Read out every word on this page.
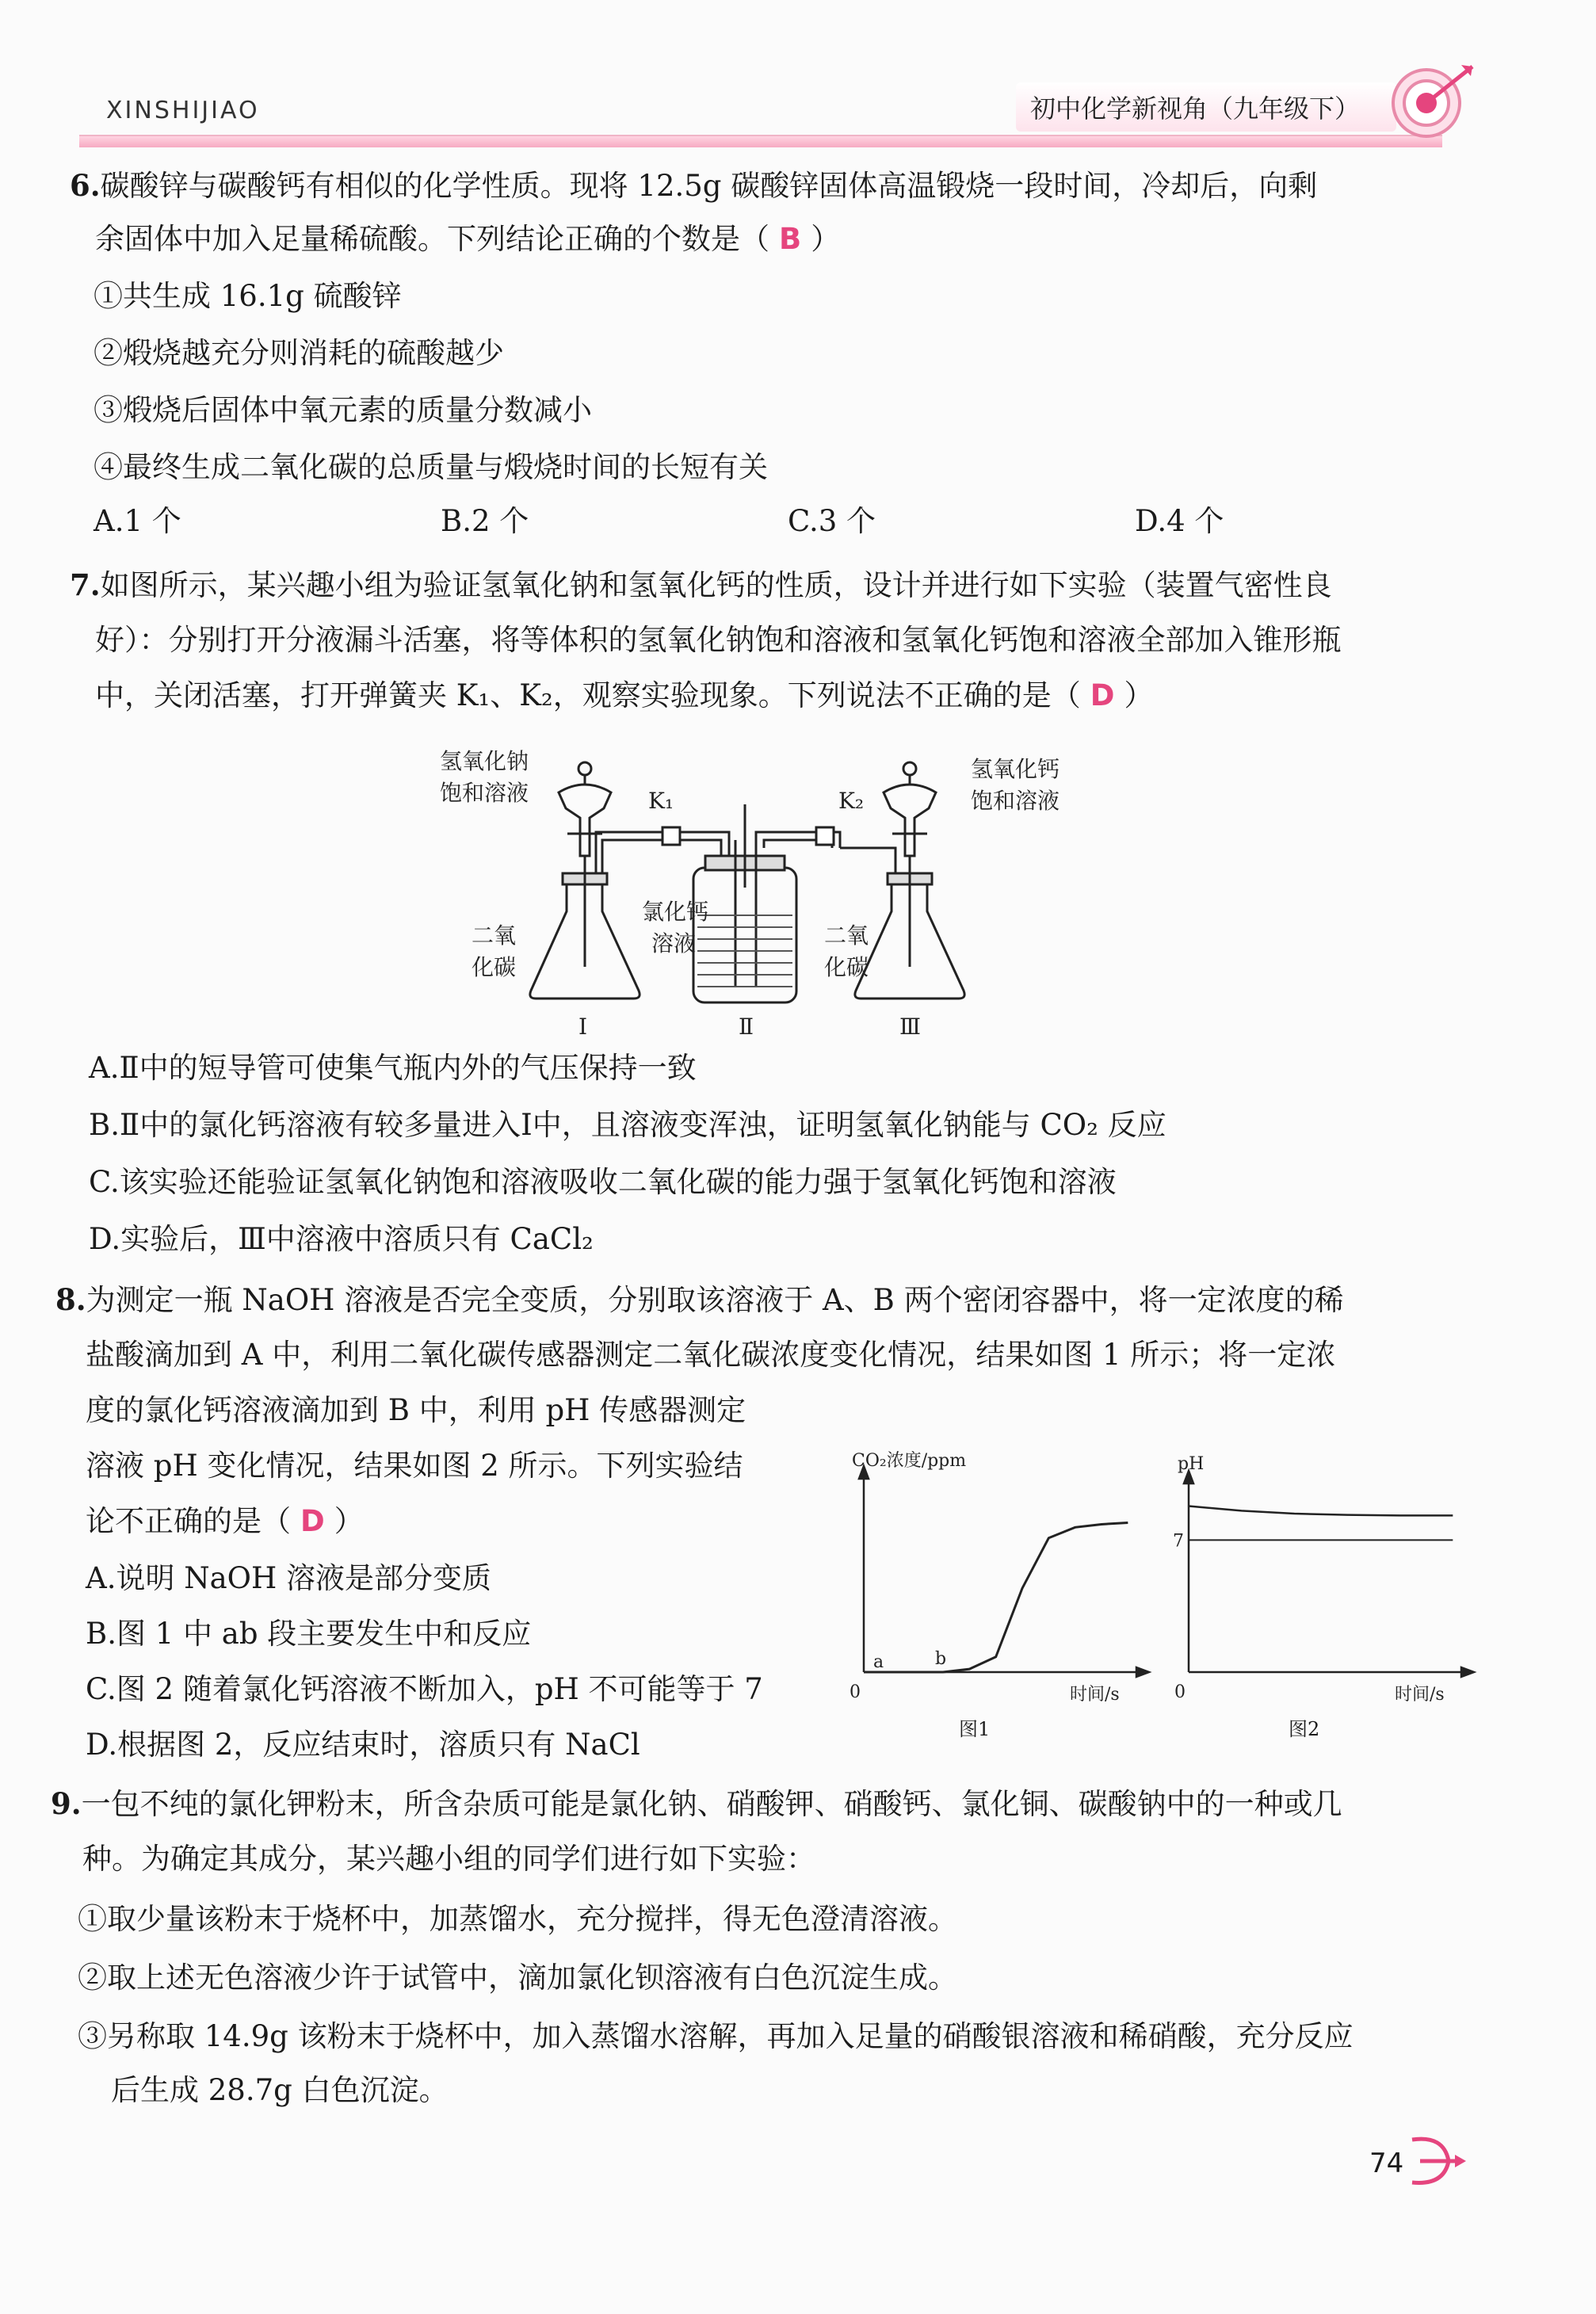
XINSHIJIAO	初中化学新视角（九年级下）
6.碳酸锌与碳酸钙有相似的化学性质。现将 12.5g 碳酸锌固体高温锻烧一段时间，冷却后，向剩
余固体中加入足量稀硫酸。下列结论正确的个数是（ B ）
①共生成 16.1g 硫酸锌
②煅烧越充分则消耗的硫酸越少
③煅烧后固体中氧元素的质量分数减小
④最终生成二氧化碳的总质量与煅烧时间的长短有关
A.1 个	B.2 个	C.3 个	D.4 个
7.如图所示，某兴趣小组为验证氢氧化钠和氢氧化钙的性质，设计并进行如下实验（装置气密性良
好）：分别打开分液漏斗活塞，将等体积的氢氧化钠饱和溶液和氢氧化钙饱和溶液全部加入锥形瓶
中，关闭活塞，打开弹簧夹 K₁、K₂，观察实验现象。下列说法不正确的是（ D ）
氢氧化钠
饱和溶液
氢氧化钙
饱和溶液
K₁	K₂
氯化钙
溶液
二氧
化碳
二氧
化碳
Ⅰ	Ⅱ	Ⅲ
A.Ⅱ中的短导管可使集气瓶内外的气压保持一致
B.Ⅱ中的氯化钙溶液有较多量进入Ⅰ中，且溶液变浑浊，证明氢氧化钠能与 CO₂ 反应
C.该实验还能验证氢氧化钠饱和溶液吸收二氧化碳的能力强于氢氧化钙饱和溶液
D.实验后，Ⅲ中溶液中溶质只有 CaCl₂
8.为测定一瓶 NaOH 溶液是否完全变质，分别取该溶液于 A、B 两个密闭容器中，将一定浓度的稀
盐酸滴加到 A 中，利用二氧化碳传感器测定二氧化碳浓度变化情况，结果如图 1 所示；将一定浓
度的氯化钙溶液滴加到 B 中，利用 pH 传感器测定
溶液 pH 变化情况，结果如图 2 所示。下列实验结
论不正确的是（ D ）
A.说明 NaOH 溶液是部分变质
B.图 1 中 ab 段主要发生中和反应
C.图 2 随着氯化钙溶液不断加入，pH 不可能等于 7
D.根据图 2，反应结束时，溶质只有 NaCl
CO₂浓度/ppm
时间/s
0
a	b
图1
pH
时间/s
0
7
图2
9.一包不纯的氯化钾粉末，所含杂质可能是氯化钠、硝酸钾、硝酸钙、氯化铜、碳酸钠中的一种或几
种。为确定其成分，某兴趣小组的同学们进行如下实验：
①取少量该粉末于烧杯中，加蒸馏水，充分搅拌，得无色澄清溶液。
②取上述无色溶液少许于试管中，滴加氯化钡溶液有白色沉淀生成。
③另称取 14.9g 该粉末于烧杯中，加入蒸馏水溶解，再加入足量的硝酸银溶液和稀硝酸，充分反应
后生成 28.7g 白色沉淀。
74
